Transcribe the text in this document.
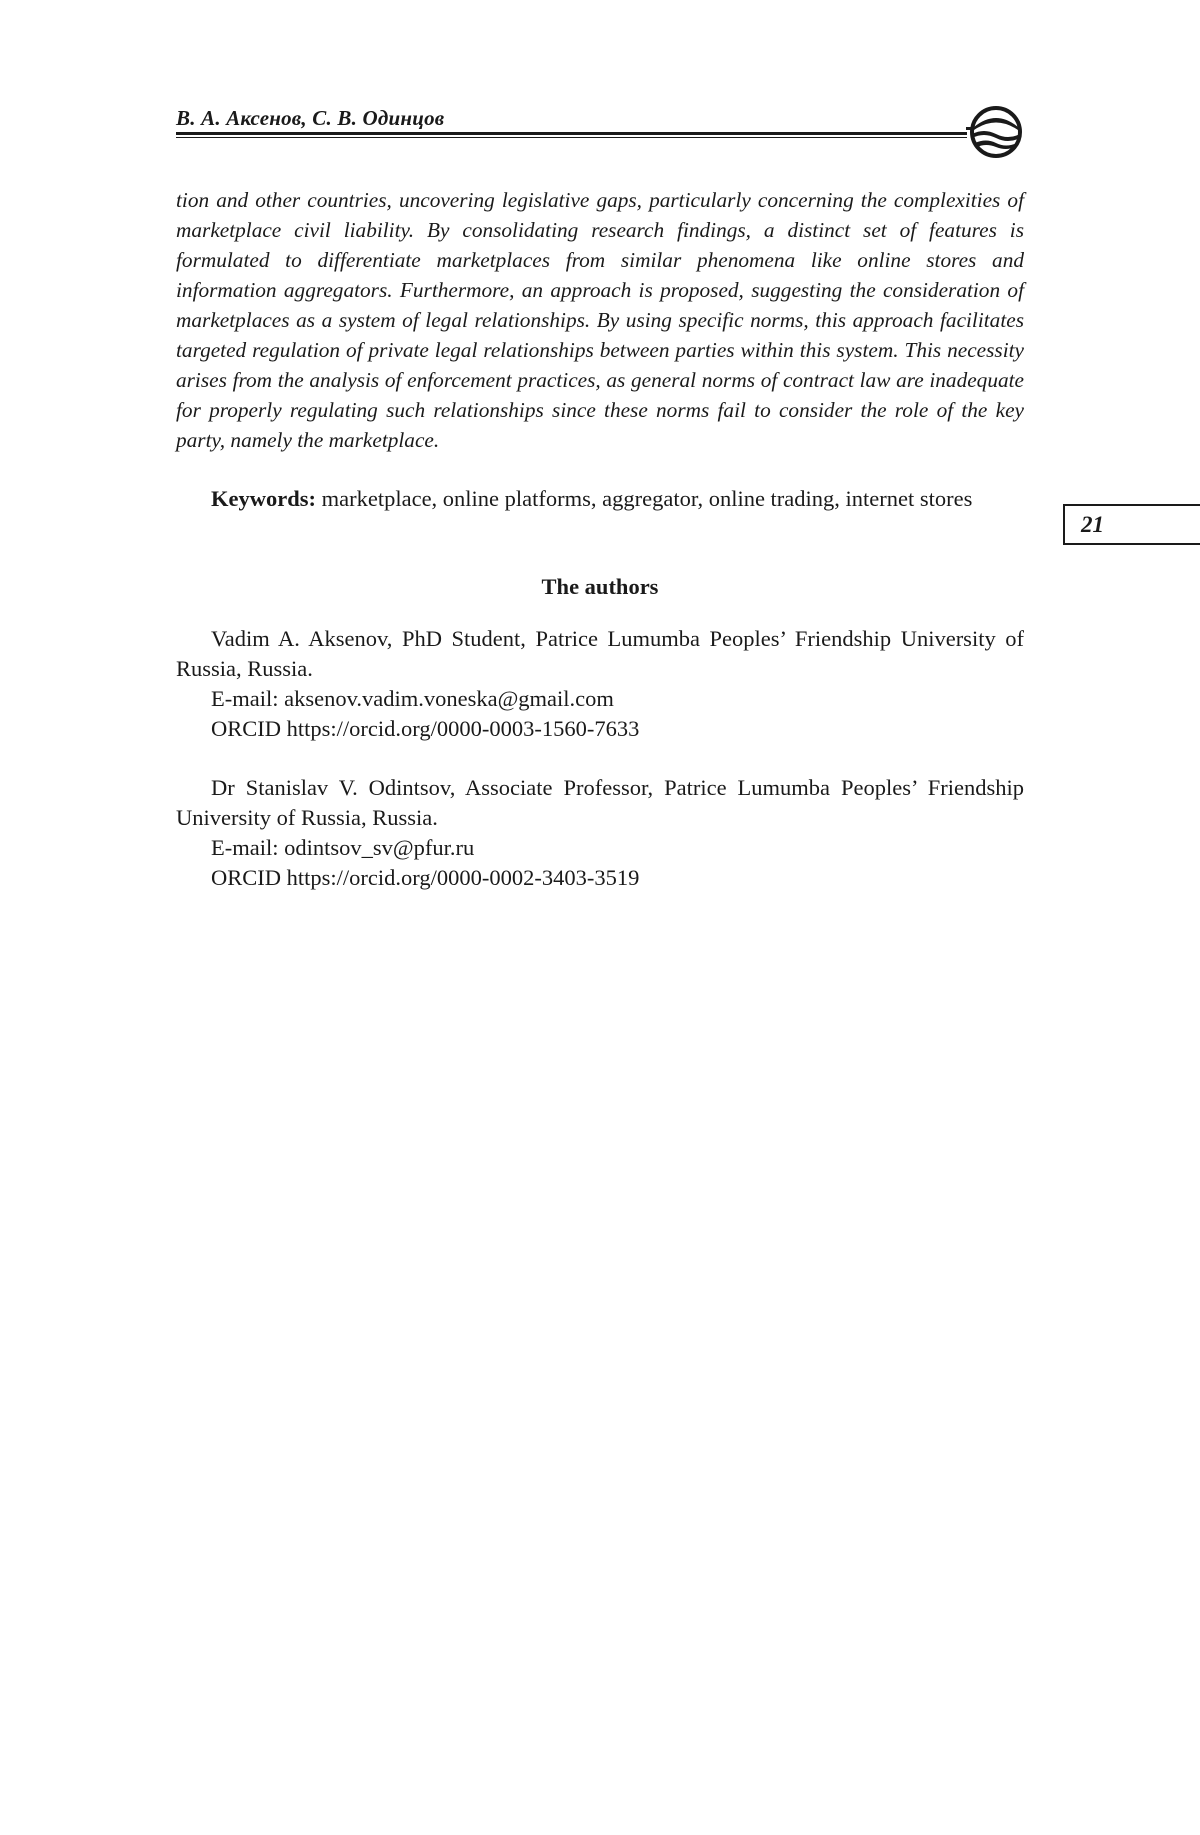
В. А. Аксенов, С. В. Одинцов

tion and other countries, uncovering legislative gaps, particularly concerning the complexities of marketplace civil liability. By consolidating research findings, a distinct set of features is formulated to differentiate marketplaces from similar phenomena like online stores and information aggregators. Furthermore, an approach is proposed, suggesting the consideration of marketplaces as a system of legal relationships. By using specific norms, this approach facilitates targeted regulation of private legal relationships between parties within this system. This necessity arises from the analysis of enforcement practices, as general norms of contract law are inadequate for properly regulating such relationships since these norms fail to consider the role of the key party, namely the marketplace.

Keywords: marketplace, online platforms, aggregator, online trading, internet stores

21
The authors

Vadim A. Aksenov, PhD Student, Patrice Lumumba Peoples’ Friendship University of Russia, Russia.

E-mail: aksenov.vadim.voneska@gmail.com

ORCID https://orcid.org/0000-0003-1560-7633

Dr Stanislav V. Odintsov, Associate Professor, Patrice Lumumba Peoples’ Friendship University of Russia, Russia.

E-mail: odintsov_sv@pfur.ru

ORCID https://orcid.org/0000-0002-3403-3519
